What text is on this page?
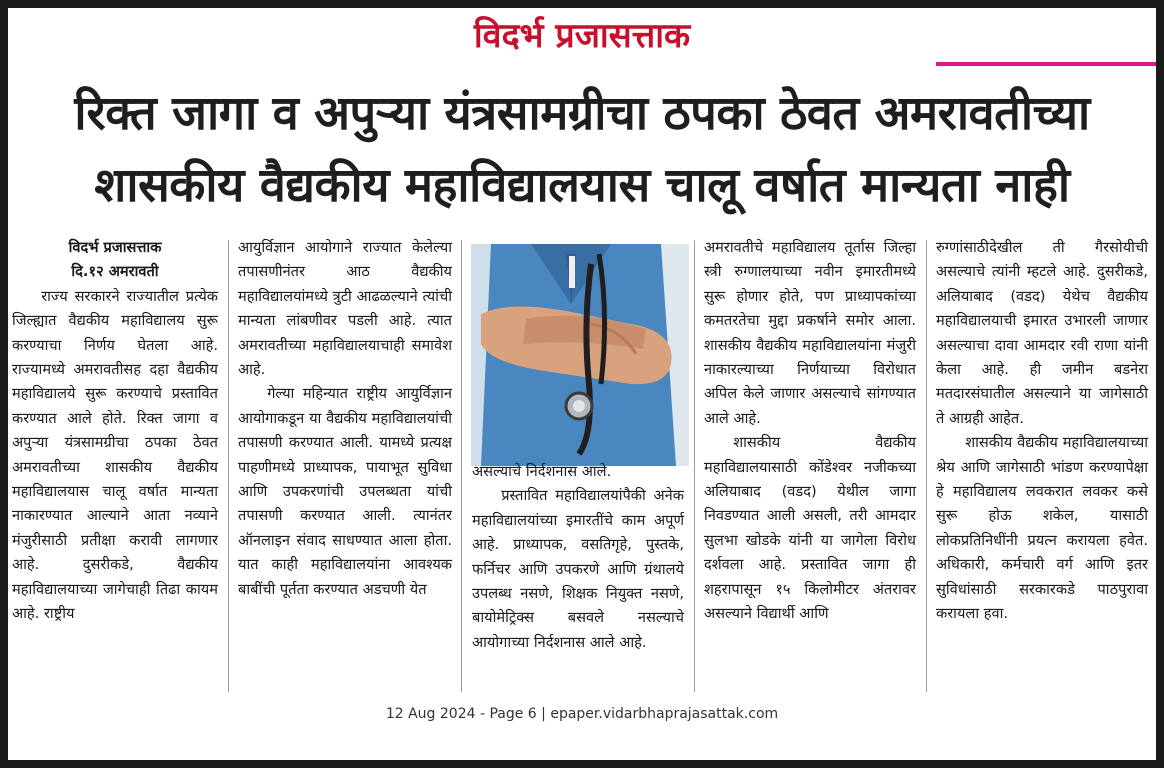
विदर्भ प्रजासत्ताक
रिक्त जागा व अपुऱ्या यंत्रसामग्रीचा ठपका ठेवत अमरावतीच्या
शासकीय वैद्यकीय महाविद्यालयास चालू वर्षात मान्यता नाही
विदर्भ प्रजासत्ताक
दि.१२ अमरावती

राज्य सरकारने राज्यातील प्रत्येक जिल्ह्यात वैद्यकीय महाविद्यालय सुरू करण्याचा निर्णय घेतला आहे. राज्यामध्ये अमरावतीसह दहा वैद्यकीय महाविद्यालये सुरू करण्याचे प्रस्तावित करण्यात आले होते. रिक्त जागा व अपुऱ्या यंत्रसामग्रीचा ठपका ठेवत अमरावतीच्या शासकीय वैद्यकीय महाविद्यालयास चालू वर्षात मान्यता नाकारण्यात आल्याने आता नव्याने मंजुरीसाठी प्रतीक्षा करावी लागणार आहे. दुसरीकडे, वैद्यकीय महाविद्यालयाच्या जागेचाही तिढा कायम आहे. राष्ट्रीय

आयुर्विज्ञान आयोगाने राज्यात केलेल्या तपासणीनंतर आठ वैद्यकीय महाविद्यालयांमध्ये त्रुटी आढळल्याने त्यांची मान्यता लांबणीवर पडली आहे. त्यात अमरावतीच्या महाविद्यालयाचाही समावेश आहे.

गेल्या महिन्यात राष्ट्रीय आयुर्विज्ञान आयोगाकडून या वैद्यकीय महाविद्यालयांची तपासणी करण्यात आली. यामध्ये प्रत्यक्ष पाहणीमध्ये प्राध्यापक, पायाभूत सुविधा आणि उपकरणांची उपलब्धता यांची तपासणी करण्यात आली. त्यानंतर ऑनलाइन संवाद साधण्यात आला होता. यात काही महाविद्यालयांना आवश्यक बाबींची पूर्तता करण्यात अडचणी येत

असल्याचे निर्दशनास आले.

प्रस्तावित महाविद्यालयांपैकी अनेक महाविद्यालयांच्या इमारतींचे काम अपूर्ण आहे. प्राध्यापक, वसतिगृहे, पुस्तके, फर्निचर आणि उपकरणे आणि ग्रंथालये उपलब्ध नसणे, शिक्षक नियुक्त नसणे, बायोमेट्रिक्स बसवले नसल्याचे आयोगाच्या निर्दशनास आले आहे.

अमरावतीचे महाविद्यालय तूर्तास जिल्हा स्त्री रुग्णालयाच्या नवीन इमारतीमध्ये सुरू होणार होते, पण प्राध्यापकांच्या कमतरतेचा मुद्दा प्रकर्षाने समोर आला. शासकीय वैद्यकीय महाविद्यालयांना मंजुरी नाकारल्याच्या निर्णयाच्या विरोधात अपिल केले जाणार असल्याचे सांगण्यात आले आहे.

शासकीय वैद्यकीय महाविद्यालयासाठी कोंडेश्वर नजीकच्या अलियाबाद (वडद) येथील जागा निवडण्यात आली असली, तरी आमदार सुलभा खोडके यांनी या जागेला विरोध दर्शवला आहे. प्रस्तावित जागा ही शहरापासून १५ किलोमीटर अंतरावर असल्याने विद्यार्थी आणि

रुग्णांसाठीदेखील ती गैरसोयीची असल्याचे त्यांनी म्हटले आहे. दुसरीकडे, अलियाबाद (वडद) येथेच वैद्यकीय महाविद्यालयाची इमारत उभारली जाणार असल्याचा दावा आमदार रवी राणा यांनी केला आहे. ही जमीन बडनेरा मतदारसंघातील असल्याने या जागेसाठी ते आग्रही आहेत.

शासकीय वैद्यकीय महाविद्यालयाच्या श्रेय आणि जागेसाठी भांडण करण्यापेक्षा हे महाविद्यालय लवकरात लवकर कसे सुरू होऊ शकेल, यासाठी लोकप्रतिनिधींनी प्रयत्न करायला हवेत. अधिकारी, कर्मचारी वर्ग आणि इतर सुविधांसाठी सरकारकडे पाठपुरावा करायला हवा.

12 Aug 2024 - Page 6 | epaper.vidarbhaprajasattak.com
